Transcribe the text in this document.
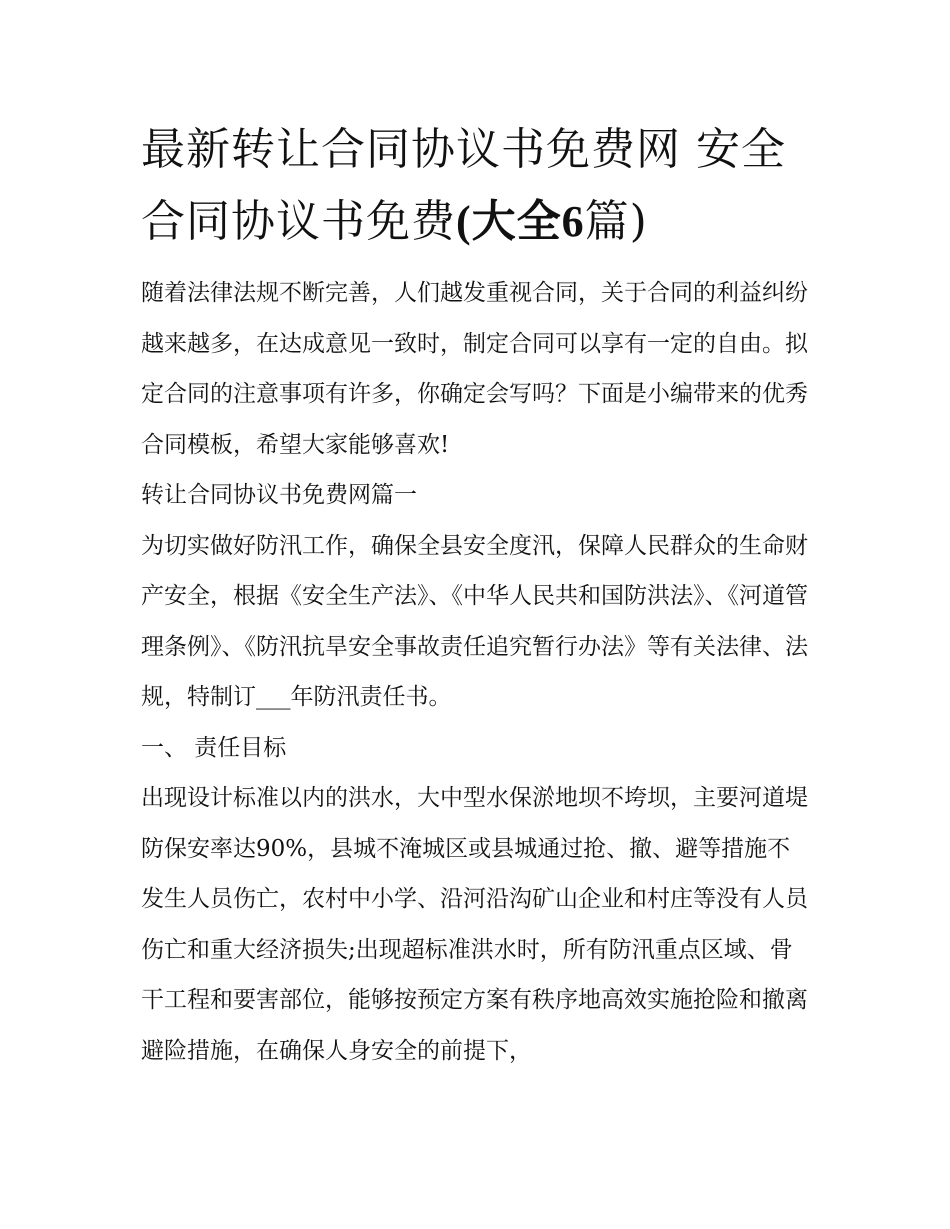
最新转让合同协议书免费网 安全合同协议书免费(大全6篇)

随着法律法规不断完善，人们越发重视合同，关于合同的利益纠纷越来越多，在达成意见一致时，制定合同可以享有一定的自由。拟定合同的注意事项有许多，你确定会写吗？下面是小编带来的优秀合同模板，希望大家能够喜欢!

转让合同协议书免费网篇一

为切实做好防汛工作，确保全县安全度汛，保障人民群众的生命财产安全，根据《安全生产法》、《中华人民共和国防洪法》、《河道管理条例》、《防汛抗旱安全事故责任追究暂行办法》等有关法律、法规，特制订___年防汛责任书。

一、 责任目标

出现设计标准以内的洪水，大中型水保淤地坝不垮坝，主要河道堤防保安率达90%，县城不淹城区或县城通过抢、撤、避等措施不发生人员伤亡，农村中小学、沿河沿沟矿山企业和村庄等没有人员伤亡和重大经济损失;出现超标准洪水时，所有防汛重点区域、骨干工程和要害部位，能够按预定方案有秩序地高效实施抢险和撤离避险措施，在确保人身安全的前提下，
